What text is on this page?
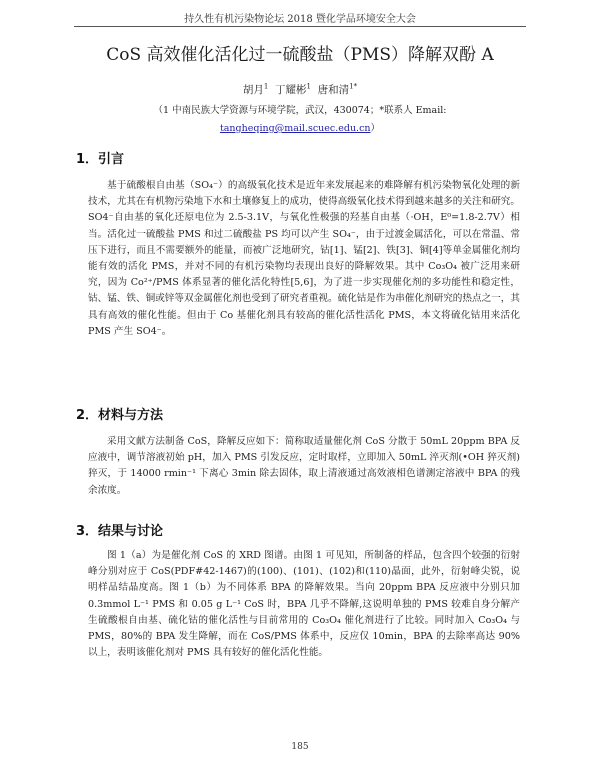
持久性有机污染物论坛 2018 暨化学品环境安全大会
CoS 高效催化活化过一硫酸盐（PMS）降解双酚 A
胡月$^1$ 丁耀彬$^1$ 唐和清$^{1*}$
（1 中南民族大学资源与环境学院，武汉，430074；*联系人 Email:
tangheqing@mail.scuec.edu.cn）
1．引言
基于硫酸根自由基（SO₄⁻）的高级氧化技术是近年来发展起来的难降解有机污染物氧化处理的新技术，尤其在有机物污染地下水和土壤修复上的成功，使得高级氧化技术得到越来越多的关注和研究。SO4⁻自由基的氧化还原电位为 2.5-3.1V，与氧化性极强的羟基自由基（·OH，E⁰=1.8-2.7V）相当。活化过一硫酸盐 PMS 和过二硫酸盐 PS 均可以产生 SO₄⁻，由于过渡金属活化，可以在常温、常压下进行，而且不需要额外的能量，而被广泛地研究，钴[1]、锰[2]、铁[3]、铜[4]等单金属催化剂均能有效的活化 PMS，并对不同的有机污染物均表现出良好的降解效果。其中 Co₃O₄ 被广泛用来研究，因为 Co²⁺/PMS 体系显著的催化活化特性[5,6]，为了进一步实现催化剂的多功能性和稳定性，钴、锰、铁、铜或锌等双金属催化剂也受到了研究者重视。硫化钴是作为串催化剂研究的热点之一，其具有高效的催化性能。但由于 Co 基催化剂具有较高的催化活性活化 PMS，本文将硫化钴用来活化 PMS 产生 SO4⁻。
2．材料与方法
采用文献方法制备 CoS，降解反应如下：简称取适量催化剂 CoS 分散于 50mL 20ppm BPA 反应液中，调节溶液初始 pH，加入 PMS 引发反应，定时取样，立即加入 50mL 淬灭剂(•OH 猝灭剂)猝灭，于 14000 rmin⁻¹ 下离心 3min 除去固体，取上清液通过高效液相色谱测定溶液中 BPA 的残余浓度。
3．结果与讨论
图 1（a）为是催化剂 CoS 的 XRD 图谱。由图 1 可见知，所制备的样品，包含四个较强的衍射峰分别对应于 CoS(PDF#42-1467)的(100)、(101)、(102)和(110)晶面，此外，衍射峰尖锐，说明样品结晶度高。图 1（b）为不同体系 BPA 的降解效果。当向 20ppm BPA 反应液中分别只加 0.3mmol L⁻¹ PMS 和 0.05 g L⁻¹ CoS 时，BPA 几乎不降解,这说明单独的 PMS 较难自身分解产生硫酸根自由基、硫化钴的催化活性与目前常用的 Co₃O₄ 催化剂进行了比较。同时加入 Co₃O₄ 与 PMS，80%的 BPA 发生降解，而在 CoS/PMS 体系中，反应仅 10min，BPA 的去除率高达 90%以上，表明该催化剂对 PMS 具有较好的催化活化性能。
185
